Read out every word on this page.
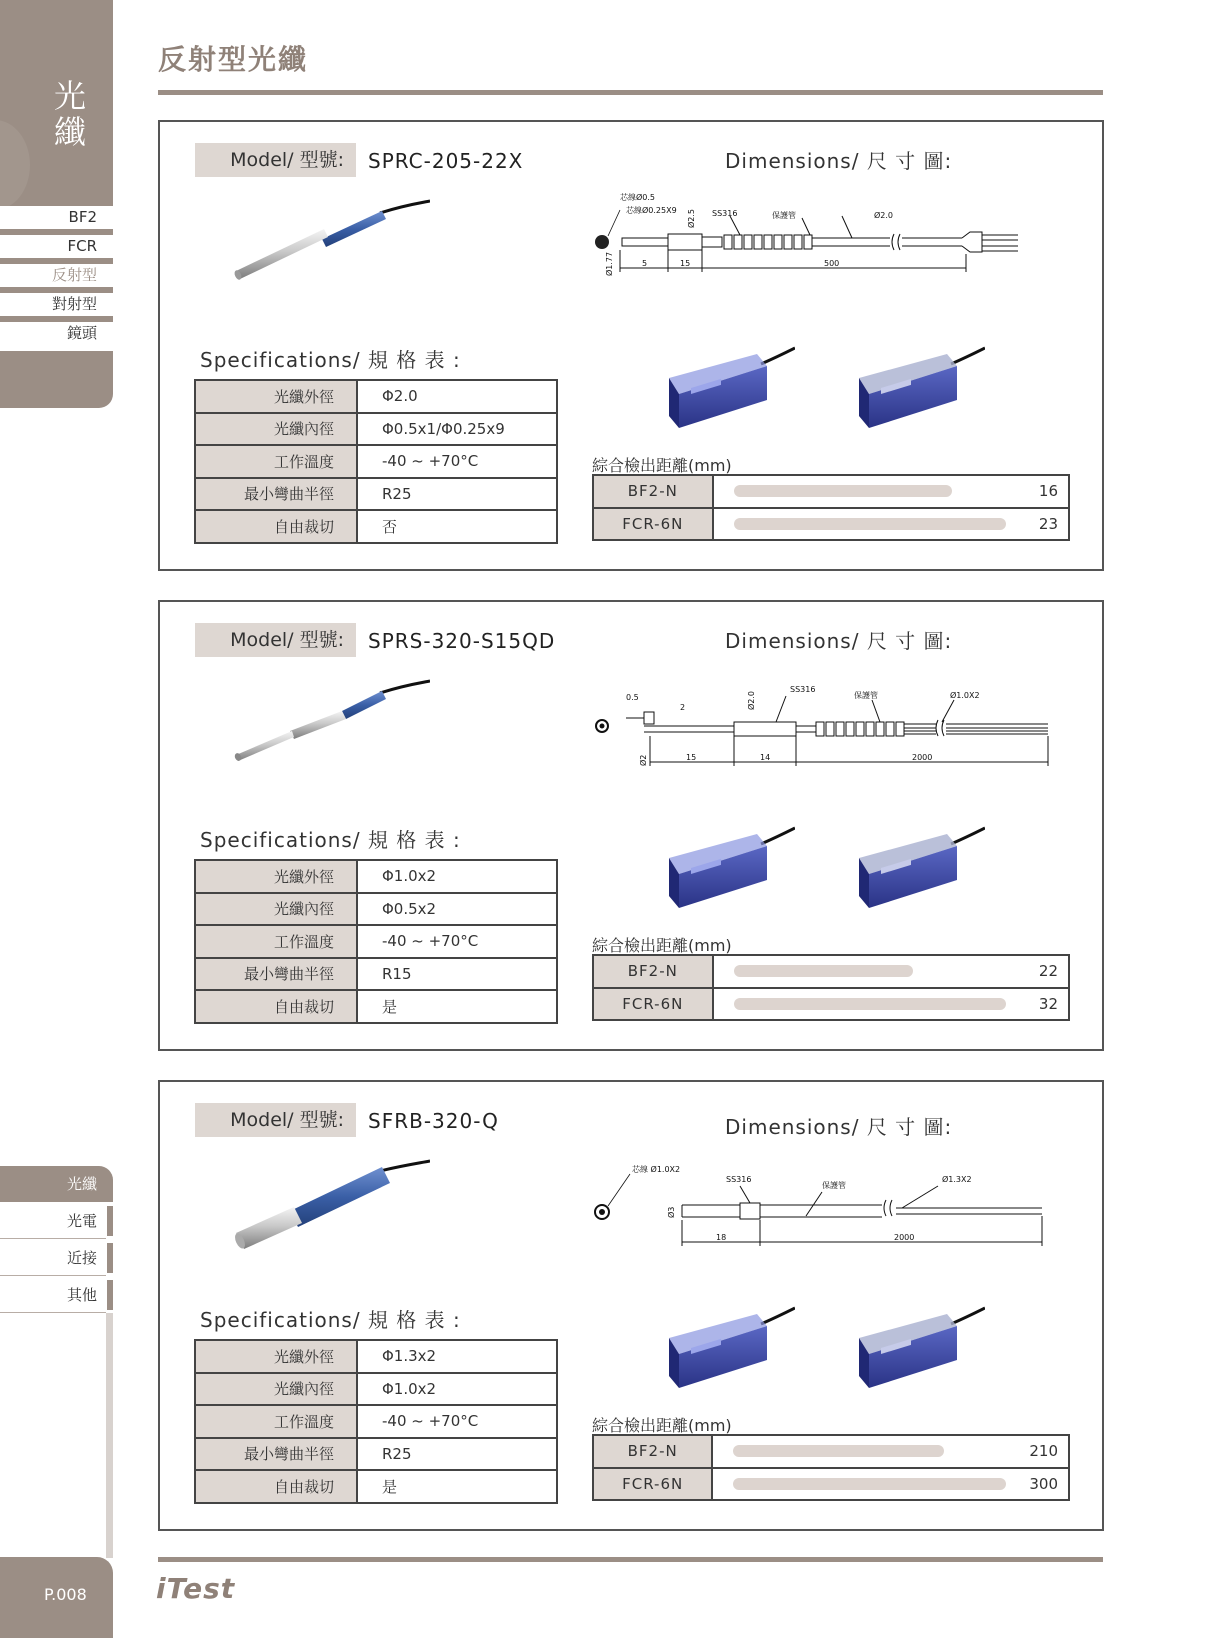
光
纖
BF2
FCR
反射型
對射型
鏡頭
光纖
光電
近接
其他
P.008
反射型光纖
iTest
Model/ 型號:	SPRC-205-22X	Dimensions/ 尺 寸 圖:
芯線Ø0.5
芯線Ø0.25X9 Ø2.5 SS316	保護管	Ø2.0
Ø1.77	5	15	500
Specifications/ 規 格 表 :
光纖外徑	Φ2.0
光纖內徑	Φ0.5x1/Φ0.25x9
工作溫度	-40 ~ +70°C
最小彎曲半徑	R25
自由裁切	否
綜合檢出距離(mm)
BF2-N		16
FCR-6N		23
Model/ 型號:	SPRS-320-S15QD	Dimensions/ 尺 寸 圖:
0.5
2	Ø2.0
SS316
保護管	Ø1.0X2
Ø2	15	14	2000
Specifications/ 規 格 表 :
光纖外徑	Φ1.0x2
光纖內徑	Φ0.5x2
工作溫度	-40 ~ +70°C
最小彎曲半徑	R15
自由裁切	是
綜合檢出距離(mm)
BF2-N		22
FCR-6N		32
Model/ 型號:	SFRB-320-Q	Dimensions/ 尺 寸 圖:
芯線 Ø1.0X2
SS316
保護管
Ø1.3X2
Ø3
18	2000
Specifications/ 規 格 表 :
光纖外徑	Φ1.3x2
光纖內徑	Φ1.0x2
工作溫度	-40 ~ +70°C
最小彎曲半徑	R25
自由裁切	是
綜合檢出距離(mm)
BF2-N		210
FCR-6N		300
